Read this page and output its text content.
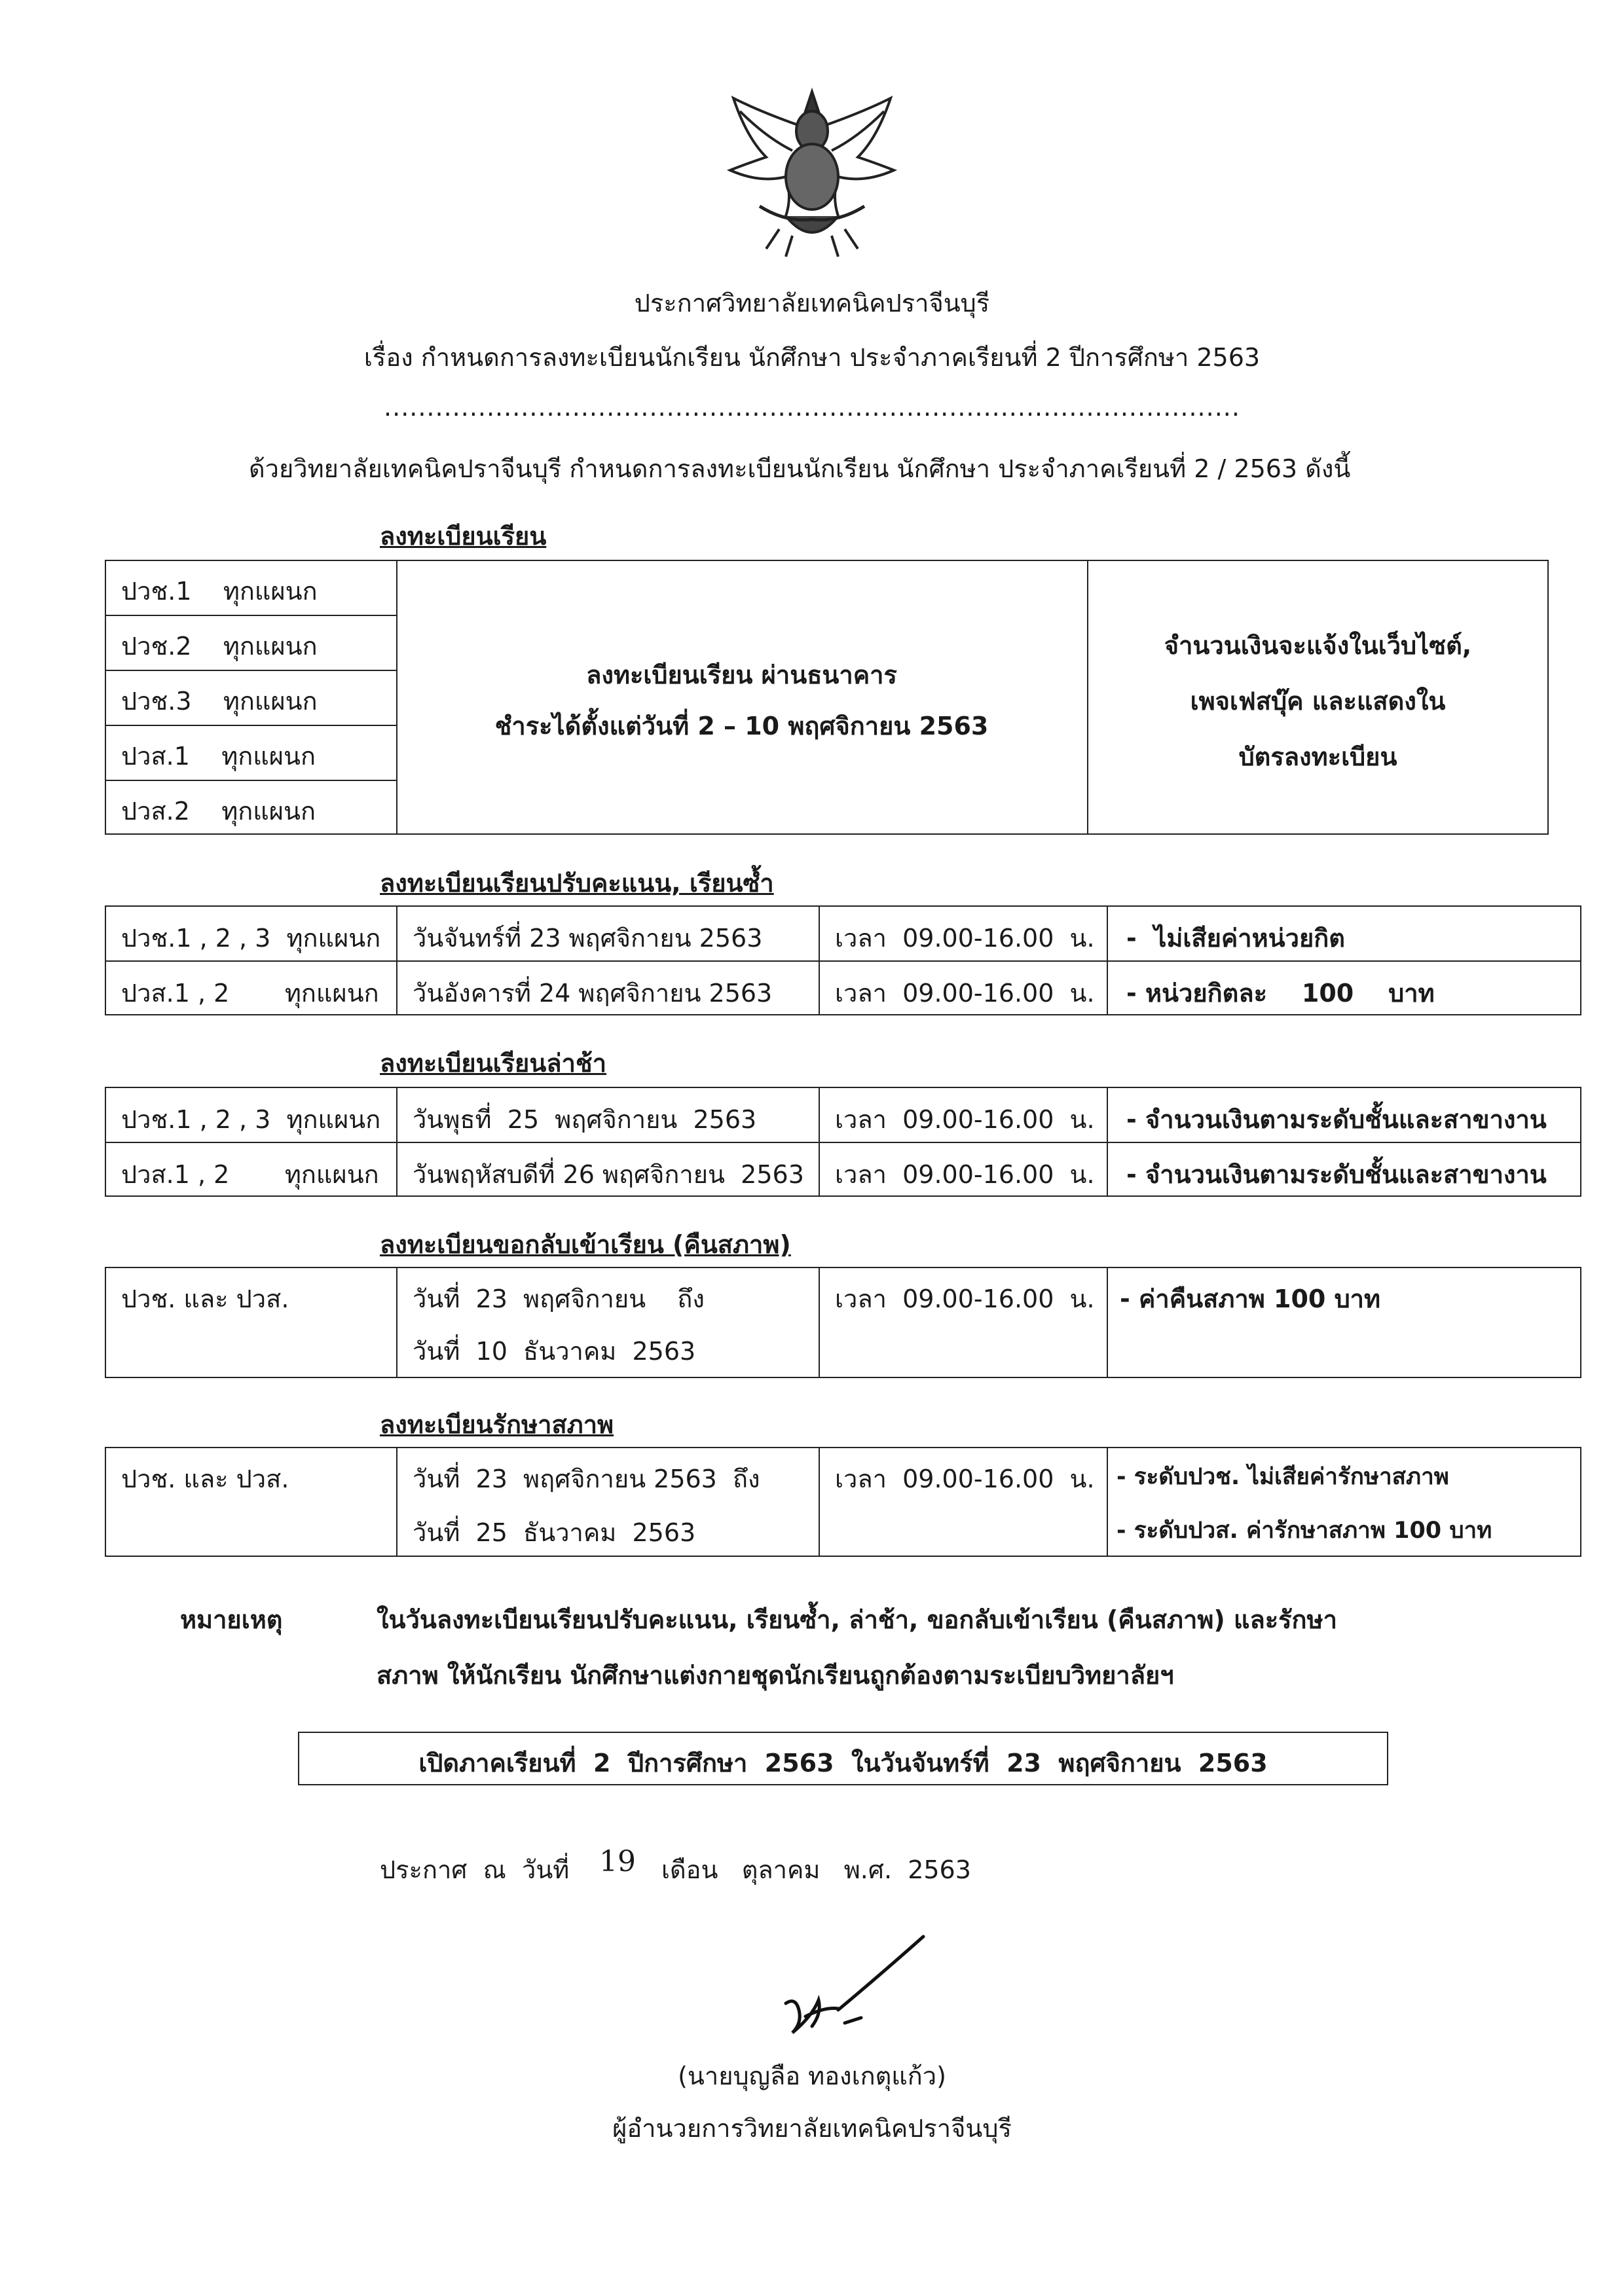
ประกาศวิทยาลัยเทคนิคปราจีนบุรี
เรื่อง กำหนดการลงทะเบียนนักเรียน นักศึกษา ประจำภาคเรียนที่ 2 ปีการศึกษา 2563
....................................................................................................
ด้วยวิทยาลัยเทคนิคปราจีนบุรี กำหนดการลงทะเบียนนักเรียน นักศึกษา ประจำภาคเรียนที่ 2 / 2563 ดังนี้
ลงทะเบียนเรียน
ปวช.1    ทุกแผนก
ปวช.2    ทุกแผนก
ปวช.3    ทุกแผนก
ปวส.1    ทุกแผนก
ปวส.2    ทุกแผนก
ลงทะเบียนเรียน ผ่านธนาคาร
ชำระได้ตั้งแต่วันที่ 2 – 10 พฤศจิกายน 2563
จำนวนเงินจะแจ้งในเว็บไซต์,
เพจเฟสบุ๊ค และแสดงใน
บัตรลงทะเบียน
ลงทะเบียนเรียนปรับคะแนน, เรียนซ้ำ
ปวช.1 , 2 , 3  ทุกแผนก วันจันทร์ที่ 23 พฤศจิกายน 2563	เวลา  09.00-16.00  น. -  ไม่เสียค่าหน่วยกิต
ปวส.1 , 2       ทุกแผนก วันอังคารที่ 24 พฤศจิกายน 2563	เวลา  09.00-16.00  น. - หน่วยกิตละ    100    บาท
ลงทะเบียนเรียนล่าช้า
ปวช.1 , 2 , 3  ทุกแผนก วันพุธที่  25  พฤศจิกายน  2563	เวลา  09.00-16.00  น. - จำนวนเงินตามระดับชั้นและสาขางาน
ปวส.1 , 2       ทุกแผนก วันพฤหัสบดีที่ 26 พฤศจิกายน  2563 เวลา  09.00-16.00  น. - จำนวนเงินตามระดับชั้นและสาขางาน
ลงทะเบียนขอกลับเข้าเรียน (คืนสภาพ)
ปวช. และ ปวส.	วันที่  23  พฤศจิกายน    ถึง
วันที่  10  ธันวาคม  2563
เวลา  09.00-16.00  น. - ค่าคืนสภาพ 100 บาท
ลงทะเบียนรักษาสภาพ
ปวช. และ ปวส.	วันที่  23  พฤศจิกายน 2563  ถึง
วันที่  25  ธันวาคม  2563
เวลา  09.00-16.00  น. - ระดับปวช. ไม่เสียค่ารักษาสภาพ
- ระดับปวส. ค่ารักษาสภาพ 100 บาท
หมายเหตุ	ในวันลงทะเบียนเรียนปรับคะแนน, เรียนซ้ำ, ล่าช้า, ขอกลับเข้าเรียน (คืนสภาพ) และรักษา
สภาพ ให้นักเรียน นักศึกษาแต่งกายชุดนักเรียนถูกต้องตามระเบียบวิทยาลัยฯ
เปิดภาคเรียนที่  2  ปีการศึกษา  2563  ในวันจันทร์ที่  23  พฤศจิกายน  2563
ประกาศ  ณ  วันที่ 19 เดือน   ตุลาคม   พ.ศ.  2563
(นายบุญลือ ทองเกตุแก้ว)
ผู้อำนวยการวิทยาลัยเทคนิคปราจีนบุรี
